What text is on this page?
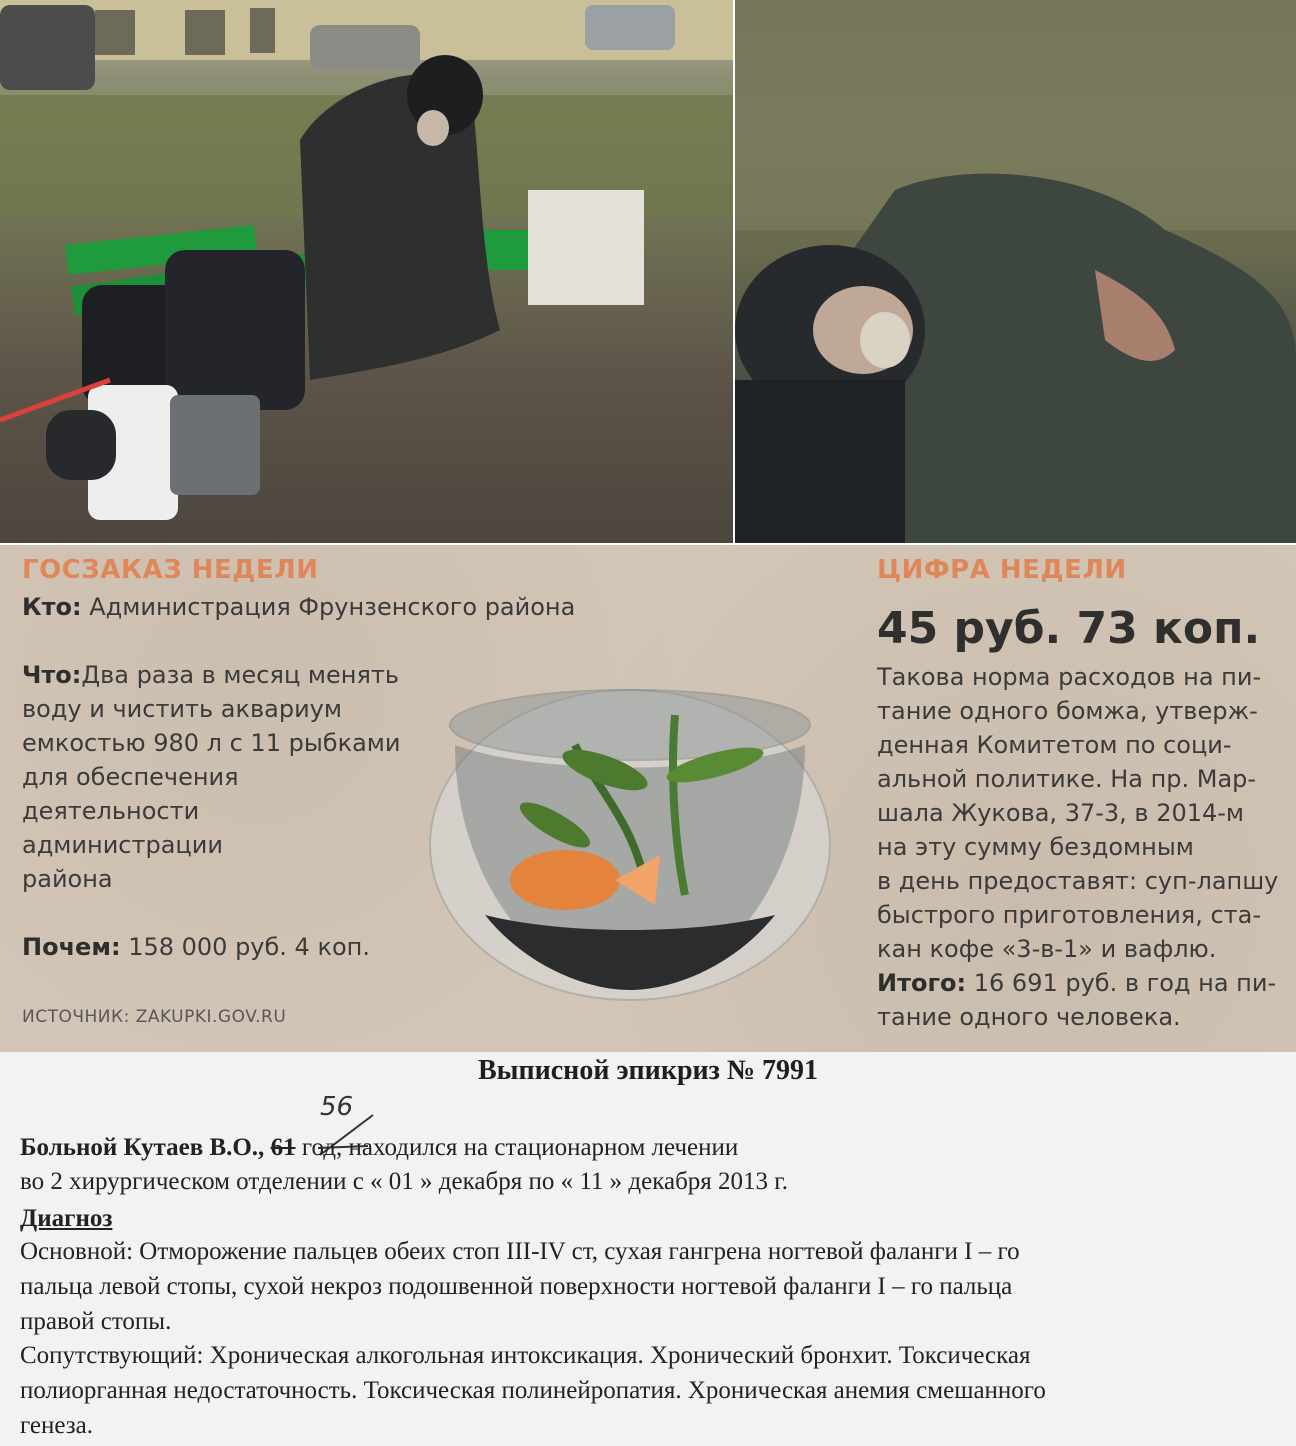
ГОСЗАКАЗ НЕДЕЛИ
Кто: Администрация Фрунзенского района
Что:Два раза в месяц менять
воду и чистить аквариум
емкостью 980 л с 11 рыбками
для обеспечения
деятельности
администрации
района
Почем: 158 000 руб. 4 коп.
ИСТОЧНИК: ZAKUPKI.GOV.RU
ЦИФРА НЕДЕЛИ
45 руб. 73 коп.
Такова норма расходов на пи-
тание одного бомжа, утверж-
денная Комитетом по соци-
альной политике. На пр. Мар-
шала Жукова, 37-3, в 2014-м
на эту сумму бездомным
в день предоставят: суп-лапшу
быстрого приготовления, ста-
кан кофе «3-в-1» и вафлю.
Итого: 16 691 руб. в год на пи-
тание одного человека.
Выписной эпикриз № 7991
56
Больной Кутаев В.О., 61 год, находился на стационарном лечении
во 2 хирургическом отделении с « 01 » декабря по « 11 » декабря 2013 г.
Диагноз
Основной: Отморожение пальцев обеих стоп III-IV ст, сухая гангрена ногтевой фаланги I – го
пальца левой стопы, сухой некроз подошвенной поверхности ногтевой фаланги I – го пальца
правой стопы.
Сопутствующий: Хроническая алкогольная интоксикация. Хронический бронхит. Токсическая
полиорганная недостаточность. Токсическая полинейропатия. Хроническая анемия смешанного
генеза.
